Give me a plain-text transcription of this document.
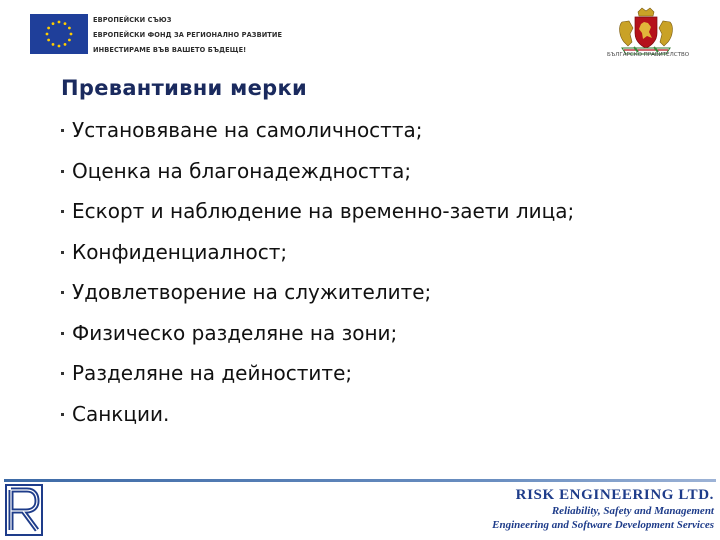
ЕВРОПЕЙСКИ СЪЮЗ
ЕВРОПЕЙСКИ ФОНД ЗА РЕГИОНАЛНО РАЗВИТИЕ
ИНВЕСТИРАМЕ ВЪВ ВАШЕТО БЪДЕЩЕ!
БЪЛГАРСКО ПРАВИТЕЛСТВО
Превантивни мерки
Установяване на самоличността;
Оценка на благонадеждността;
Ескорт и наблюдение на временно-заети лица;
Конфиденциалност;
Удовлетворение на служителите;
Физическо разделяне на зони;
Разделяне на дейностите;
Санкции.
RISK ENGINEERING LTD.
Reliability, Safety and Management
Engineering and Software Development Services
